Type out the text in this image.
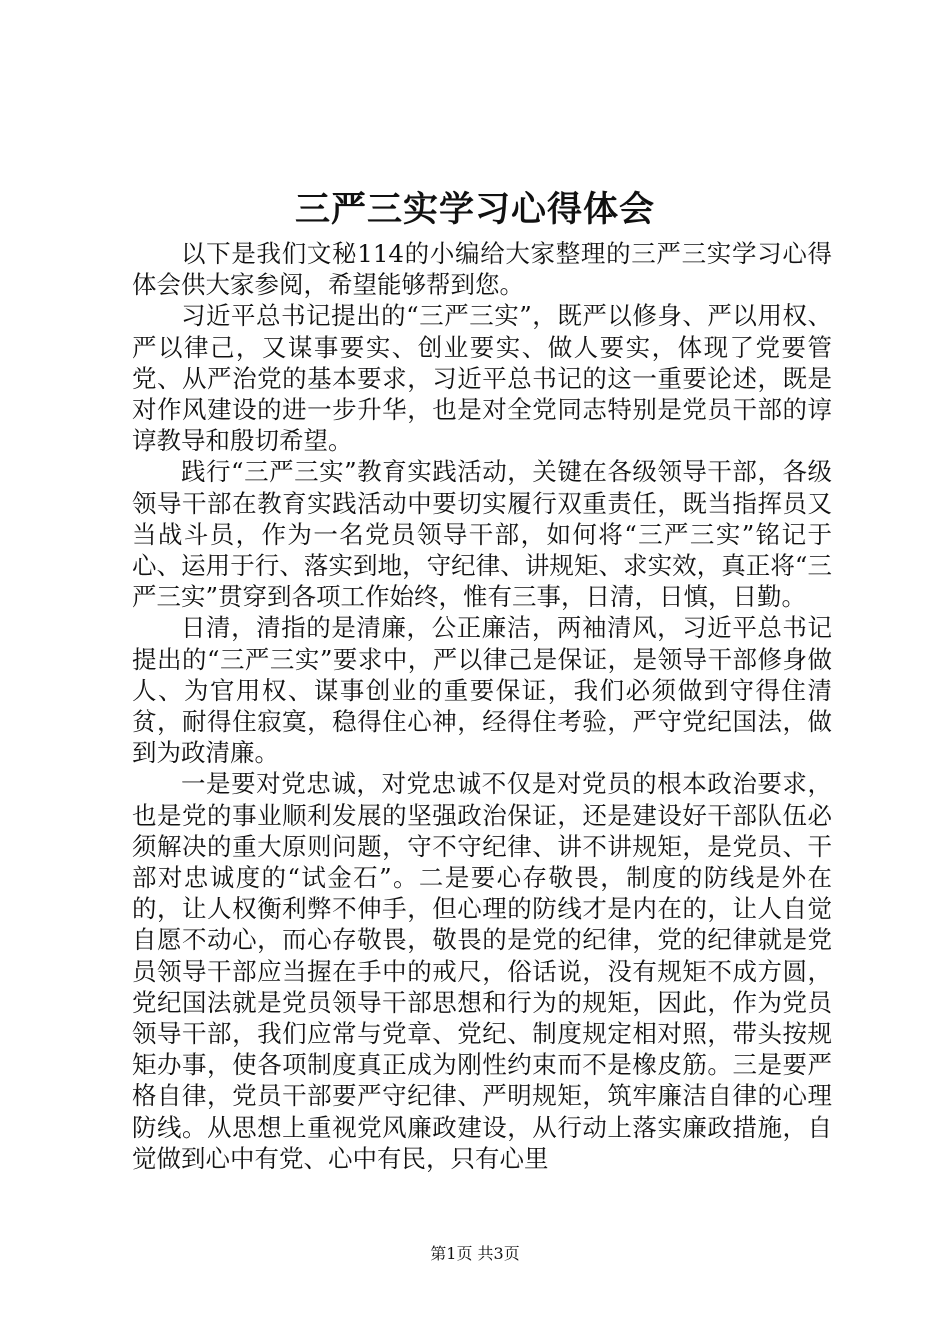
三严三实学习心得体会

以下是我们文秘114的小编给大家整理的三严三实学习心得体会供大家参阅，希望能够帮到您。

习近平总书记提出的“三严三实”，既严以修身、严以用权、严以律己，又谋事要实、创业要实、做人要实，体现了党要管党、从严治党的基本要求，习近平总书记的这一重要论述，既是对作风建设的进一步升华，也是对全党同志特别是党员干部的谆谆教导和殷切希望。

践行“三严三实”教育实践活动，关键在各级领导干部，各级领导干部在教育实践活动中要切实履行双重责任，既当指挥员又当战斗员，作为一名党员领导干部，如何将“三严三实”铭记于心、运用于行、落实到地，守纪律、讲规矩、求实效，真正将“三严三实”贯穿到各项工作始终，惟有三事，日清，日慎，日勤。

日清，清指的是清廉，公正廉洁，两袖清风，习近平总书记提出的“三严三实”要求中，严以律己是保证，是领导干部修身做人、为官用权、谋事创业的重要保证，我们必须做到守得住清贫，耐得住寂寞，稳得住心神，经得住考验，严守党纪国法，做到为政清廉。

一是要对党忠诚，对党忠诚不仅是对党员的根本政治要求，也是党的事业顺利发展的坚强政治保证，还是建设好干部队伍必须解决的重大原则问题，守不守纪律、讲不讲规矩，是党员、干部对忠诚度的“试金石”。二是要心存敬畏，制度的防线是外在的，让人权衡利弊不伸手，但心理的防线才是内在的，让人自觉自愿不动心，而心存敬畏，敬畏的是党的纪律，党的纪律就是党员领导干部应当握在手中的戒尺，俗话说，没有规矩不成方圆，党纪国法就是党员领导干部思想和行为的规矩，因此，作为党员领导干部，我们应常与党章、党纪、制度规定相对照，带头按规矩办事，使各项制度真正成为刚性约束而不是橡皮筋。三是要严格自律，党员干部要严守纪律、严明规矩，筑牢廉洁自律的心理防线。从思想上重视党风廉政建设，从行动上落实廉政措施，自觉做到心中有党、心中有民，只有心里

第1页 共3页
